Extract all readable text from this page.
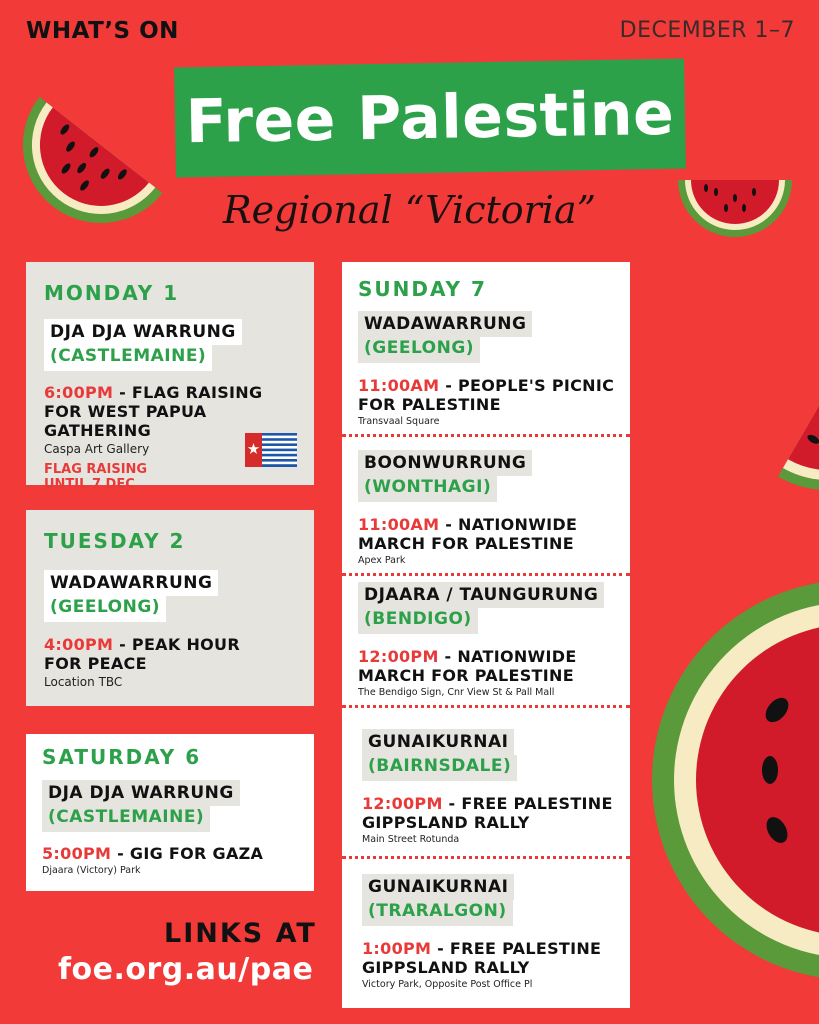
WHAT’S ON	DECEMBER 1–7
Free Palestine
Regional “Victoria”
MONDAY 1
DJA DJA WARRUNG
(CASTLEMAINE)
6:00PM - FLAG RAISING FOR WEST PAPUA GATHERING
Caspa Art Gallery
FLAG RAISING
UNTIL 7 DEC
TUESDAY 2
WADAWARRUNG
(GEELONG)
4:00PM - PEAK HOUR FOR PEACE
Location TBC
SATURDAY 6
DJA DJA WARRUNG
(CASTLEMAINE)
5:00PM - GIG FOR GAZA
Djaara (Victory) Park
SUNDAY 7
WADAWARRUNG
(GEELONG)
11:00AM - PEOPLE'S PICNIC FOR PALESTINE
Transvaal Square
BOONWURRUNG
(WONTHAGI)
11:00AM - NATIONWIDE MARCH FOR PALESTINE
Apex Park
DJAARA / TAUNGURUNG
(BENDIGO)
12:00PM - NATIONWIDE MARCH FOR PALESTINE
The Bendigo Sign, Cnr View St & Pall Mall
GUNAIKURNAI
(BAIRNSDALE)
12:00PM - FREE PALESTINE GIPPSLAND RALLY
Main Street Rotunda
GUNAIKURNAI
(TRARALGON)
1:00PM - FREE PALESTINE GIPPSLAND RALLY
Victory Park, Opposite Post Office Pl
LINKS AT
foe.org.au/pae
